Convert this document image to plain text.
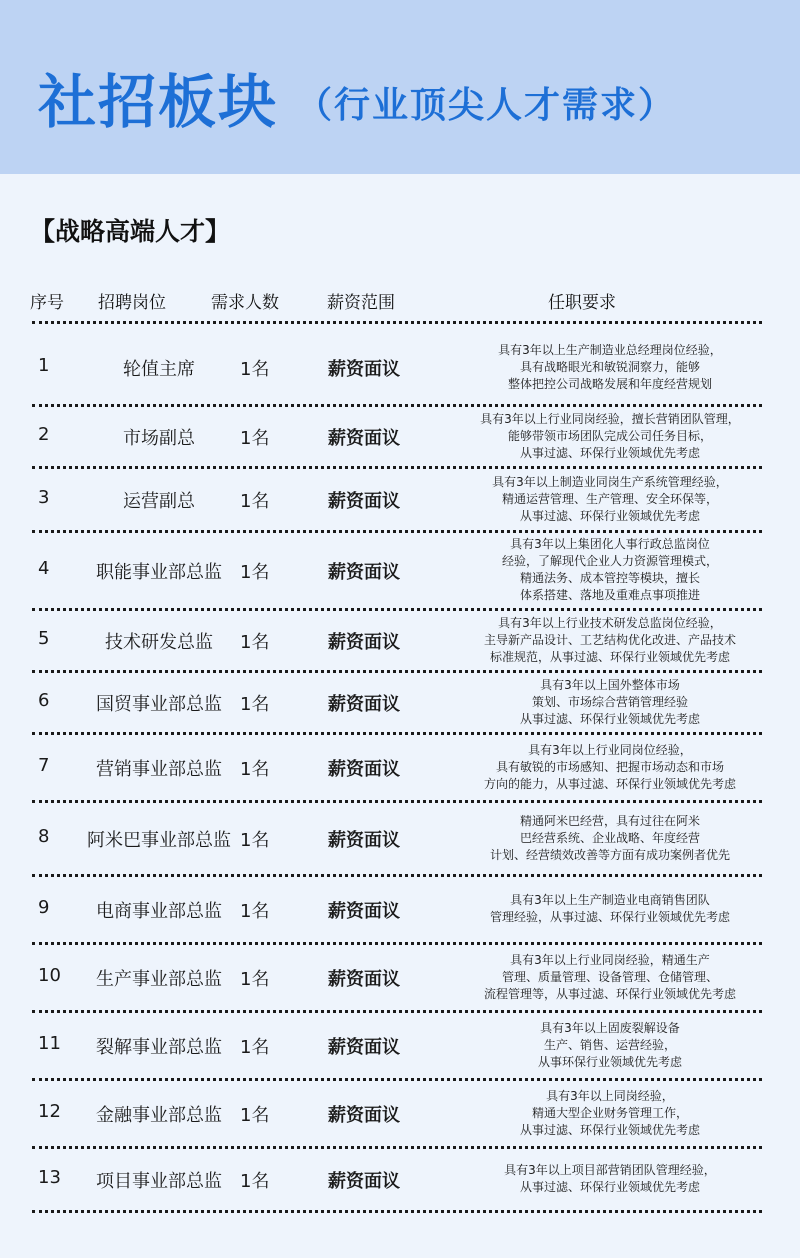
社招板块 （行业顶尖人才需求）
【战略高端人才】
序号 招聘岗位	需求人数	薪资范围	任职要求
1	轮值主席	1名	薪资面议
具有3年以上生产制造业总经理岗位经验，
具有战略眼光和敏锐洞察力，能够
整体把控公司战略发展和年度经营规划
2	市场副总	1名	薪资面议
具有3年以上行业同岗经验，擅长营销团队管理，
能够带领市场团队完成公司任务目标，
从事过滤、环保行业领域优先考虑
3	运营副总	1名	薪资面议
具有3年以上制造业同岗生产系统管理经验，
精通运营管理、生产管理、安全环保等，
从事过滤、环保行业领域优先考虑
4	职能事业部总监	1名	薪资面议
具有3年以上集团化人事行政总监岗位
经验，了解现代企业人力资源管理模式，
精通法务、成本管控等模块，擅长
体系搭建、落地及重难点事项推进
5	技术研发总监	1名	薪资面议
具有3年以上行业技术研发总监岗位经验，
主导新产品设计、工艺结构优化改进、产品技术
标准规范，从事过滤、环保行业领域优先考虑
6	国贸事业部总监	1名	薪资面议
具有3年以上国外整体市场
策划、市场综合营销管理经验
从事过滤、环保行业领域优先考虑
7	营销事业部总监	1名	薪资面议
具有3年以上行业同岗位经验，
具有敏锐的市场感知、把握市场动态和市场
方向的能力，从事过滤、环保行业领域优先考虑
8	阿米巴事业部总监 1名	薪资面议
精通阿米巴经营，具有过往在阿米
巴经营系统、企业战略、年度经营
计划、经营绩效改善等方面有成功案例者优先
9	电商事业部总监	1名	薪资面议
具有3年以上生产制造业电商销售团队
管理经验，从事过滤、环保行业领域优先考虑
10	生产事业部总监	1名	薪资面议
具有3年以上行业同岗经验，精通生产
管理、质量管理、设备管理、仓储管理、
流程管理等，从事过滤、环保行业领域优先考虑
11	裂解事业部总监	1名	薪资面议
具有3年以上固废裂解设备
生产、销售、运营经验，
从事环保行业领域优先考虑
12	金融事业部总监	1名	薪资面议
具有3年以上同岗经验，
精通大型企业财务管理工作，
从事过滤、环保行业领域优先考虑
13	项目事业部总监	1名	薪资面议
具有3年以上项目部营销团队管理经验，
从事过滤、环保行业领域优先考虑
